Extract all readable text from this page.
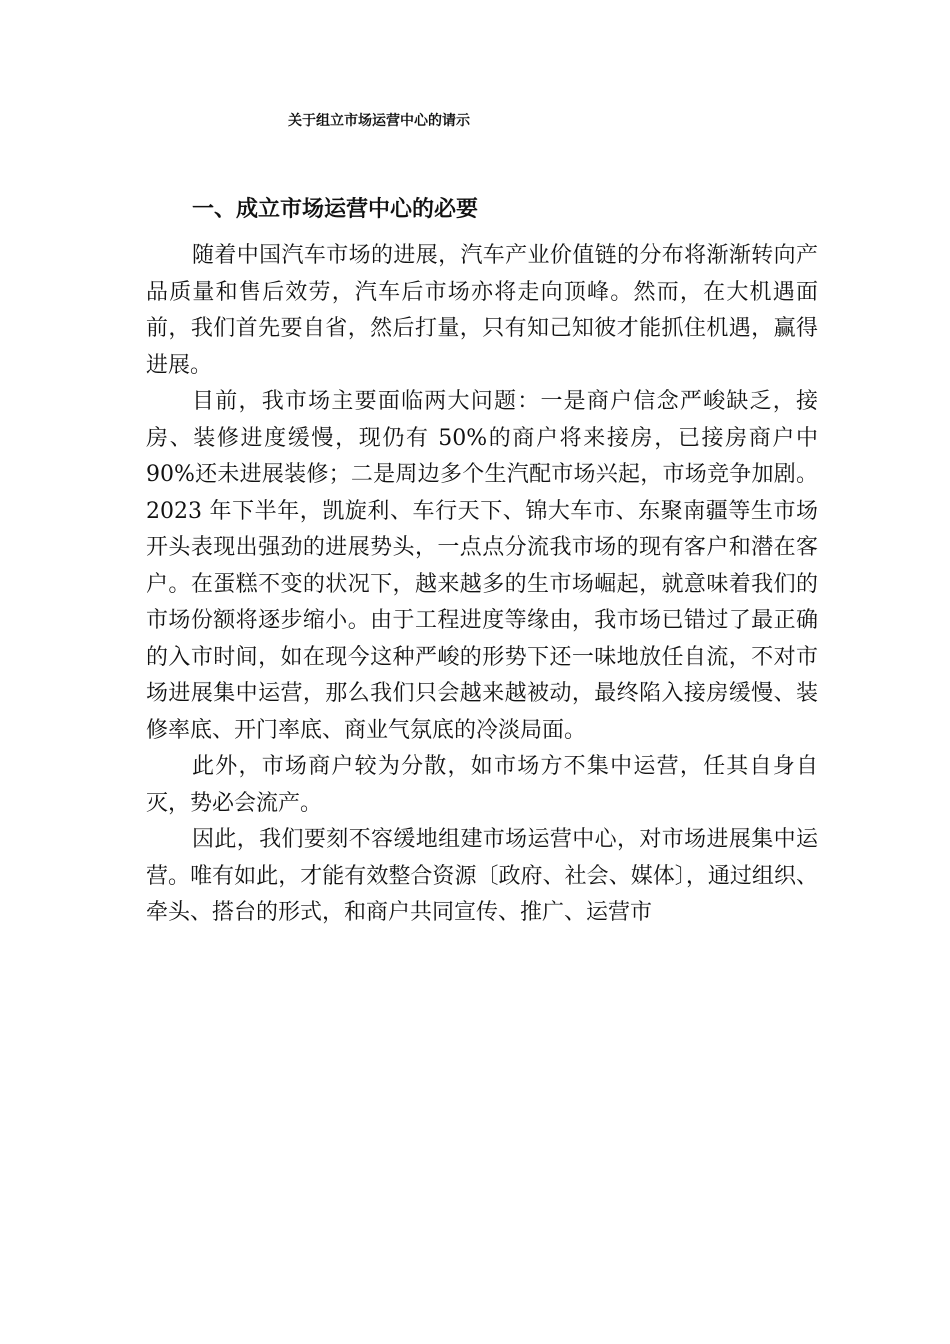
关于组立市场运营中心的请示
一、成立市场运营中心的必要

随着中国汽车市场的进展，汽车产业价值链的分布将渐渐转向产品质量和售后效劳，汽车后市场亦将走向顶峰。然而，在大机遇面前，我们首先要自省，然后打量，只有知己知彼才能抓住机遇，赢得进展。

目前，我市场主要面临两大问题：一是商户信念严峻缺乏，接房、装修进度缓慢，现仍有 50%的商户将来接房，已接房商户中 90%还未进展装修；二是周边多个生汽配市场兴起，市场竞争加剧。2023 年下半年，凯旋利、车行天下、锦大车市、东聚南疆等生市场开头表现出强劲的进展势头，一点点分流我市场的现有客户和潜在客户。在蛋糕不变的状况下，越来越多的生市场崛起，就意味着我们的市场份额将逐步缩小。由于工程进度等缘由，我市场已错过了最正确的入市时间，如在现今这种严峻的形势下还一味地放任自流，不对市场进展集中运营，那么我们只会越来越被动，最终陷入接房缓慢、装修率底、开门率底、商业气氛底的冷淡局面。

此外，市场商户较为分散，如市场方不集中运营，任其自身自灭，势必会流产。

因此，我们要刻不容缓地组建市场运营中心，对市场进展集中运营。唯有如此，才能有效整合资源〔政府、社会、媒体〕，通过组织、牵头、搭台的形式，和商户共同宣传、推广、运营市
